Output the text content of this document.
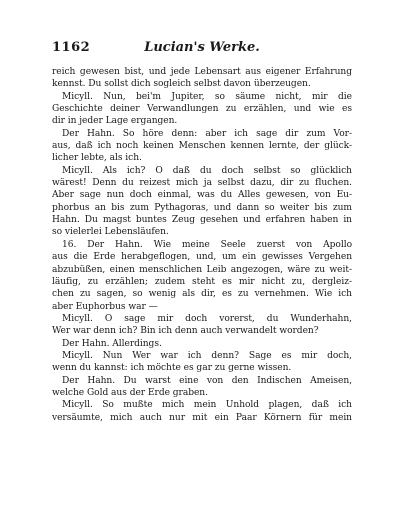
1162	Lucian's Werke.
reich gewesen bist, und jede Lebensart aus eigener Erfahrung
kennst. Du sollst dich sogleich selbst davon überzeugen.
Micyll. Nun, bei'm Jupiter, so säume nicht, mir die
Geschichte deiner Verwandlungen zu erzählen, und wie es
dir in jeder Lage ergangen.
Der Hahn. So höre denn: aber ich sage dir zum Vor-
aus, daß ich noch keinen Menschen kennen lernte, der glück-
licher lebte, als ich.
Micyll. Als ich? O daß du doch selbst so glücklich
wärest! Denn du reizest mich ja selbst dazu, dir zu fluchen.
Aber sage nun doch einmal, was du Alles gewesen, von Eu-
phorbus an bis zum Pythagoras, und dann so weiter bis zum
Hahn. Du magst buntes Zeug gesehen und erfahren haben in
so vielerlei Lebensläufen.
16. Der Hahn. Wie meine Seele zuerst von Apollo
aus die Erde herabgeflogen, und, um ein gewisses Vergehen
abzubüßen, einen menschlichen Leib angezogen, wäre zu weit-
läufig, zu erzählen; zudem steht es mir nicht zu, dergleiz-
chen zu sagen, so wenig als dir, es zu vernehmen. Wie ich
aber Euphorbus war —
Micyll. O sage mir doch vorerst, du Wunderhahn,
Wer war denn ich? Bin ich denn auch verwandelt worden?
Der Hahn. Allerdings.
Micyll. Nun Wer war ich denn? Sage es mir doch,
wenn du kannst: ich möchte es gar zu gerne wissen.
Der Hahn. Du warst eine von den Indischen Ameisen,
welche Gold aus der Erde graben.
Micyll. So mußte mich mein Unhold plagen, daß ich
versäumte, mich auch nur mit ein Paar Körnern für mein
